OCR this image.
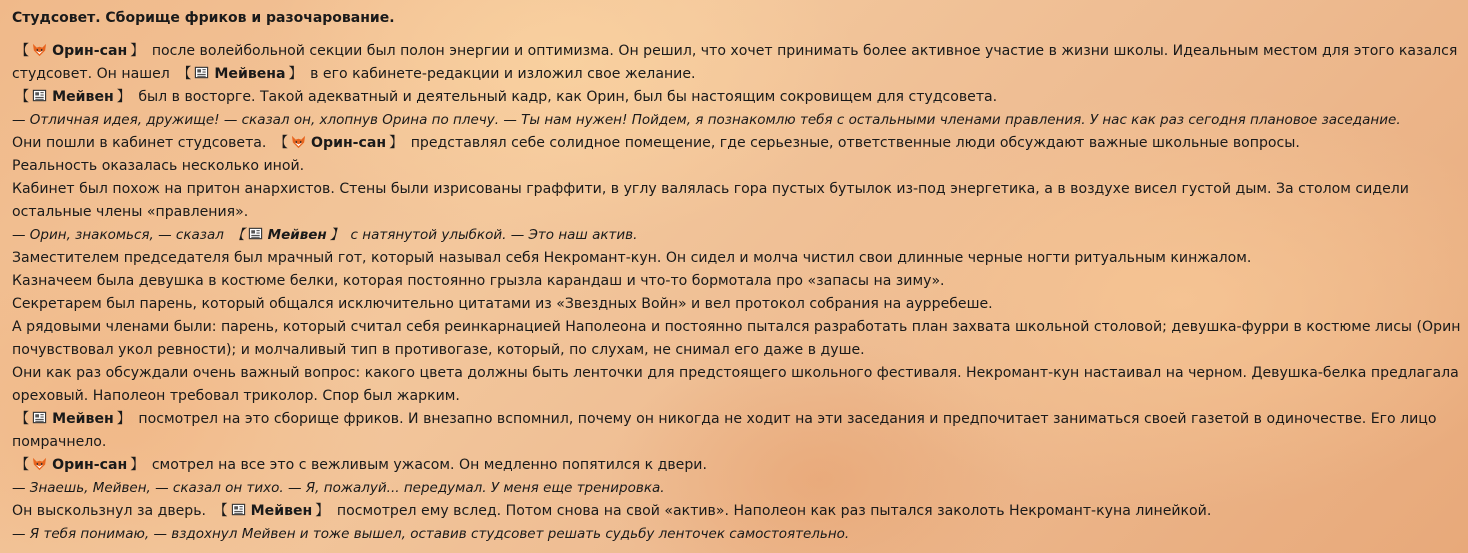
Студсовет. Сборище фриков и разочарование.
【 Орин-сан 】 после волейбольной секции был полон энергии и оптимизма. Он решил, что хочет принимать более активное участие в жизни школы. Идеальным местом для этого казался студсовет. Он нашел 【 Мейвена 】 в его кабинете-редакции и изложил свое желание.
【 Мейвен 】 был в восторге. Такой адекватный и деятельный кадр, как Орин, был бы настоящим сокровищем для студсовета.
— Отличная идея, дружище! — сказал он, хлопнув Орина по плечу. — Ты нам нужен! Пойдем, я познакомлю тебя с остальными членами правления. У нас как раз сегодня плановое заседание.
Они пошли в кабинет студсовета. 【 Орин-сан 】 представлял себе солидное помещение, где серьезные, ответственные люди обсуждают важные школьные вопросы.
Реальность оказалась несколько иной.
Кабинет был похож на притон анархистов. Стены были изрисованы граффити, в углу валялась гора пустых бутылок из-под энергетика, а в воздухе висел густой дым. За столом сидели остальные члены «правления».
— Орин, знакомься, — сказал 【 Мейвен 】 с натянутой улыбкой. — Это наш актив.
Заместителем председателя был мрачный гот, который называл себя Некромант-кун. Он сидел и молча чистил свои длинные черные ногти ритуальным кинжалом.
Казначеем была девушка в костюме белки, которая постоянно грызла карандаш и что-то бормотала про «запасы на зиму».
Секретарем был парень, который общался исключительно цитатами из «Звездных Войн» и вел протокол собрания на аурребеше.
А рядовыми членами были: парень, который считал себя реинкарнацией Наполеона и постоянно пытался разработать план захвата школьной столовой; девушка-фурри в костюме лисы (Орин почувствовал укол ревности); и молчаливый тип в противогазе, который, по слухам, не снимал его даже в душе.
Они как раз обсуждали очень важный вопрос: какого цвета должны быть ленточки для предстоящего школьного фестиваля. Некромант-кун настаивал на черном. Девушка-белка предлагала ореховый. Наполеон требовал триколор. Спор был жарким.
【 Мейвен 】 посмотрел на это сборище фриков. И внезапно вспомнил, почему он никогда не ходит на эти заседания и предпочитает заниматься своей газетой в одиночестве. Его лицо помрачнело.
【 Орин-сан 】 смотрел на все это с вежливым ужасом. Он медленно попятился к двери.
— Знаешь, Мейвен, — сказал он тихо. — Я, пожалуй... передумал. У меня еще тренировка.
Он выскользнул за дверь. 【 Мейвен 】 посмотрел ему вслед. Потом снова на свой «актив». Наполеон как раз пытался заколоть Некромант-куна линейкой.
— Я тебя понимаю, — вздохнул Мейвен и тоже вышел, оставив студсовет решать судьбу ленточек самостоятельно.
